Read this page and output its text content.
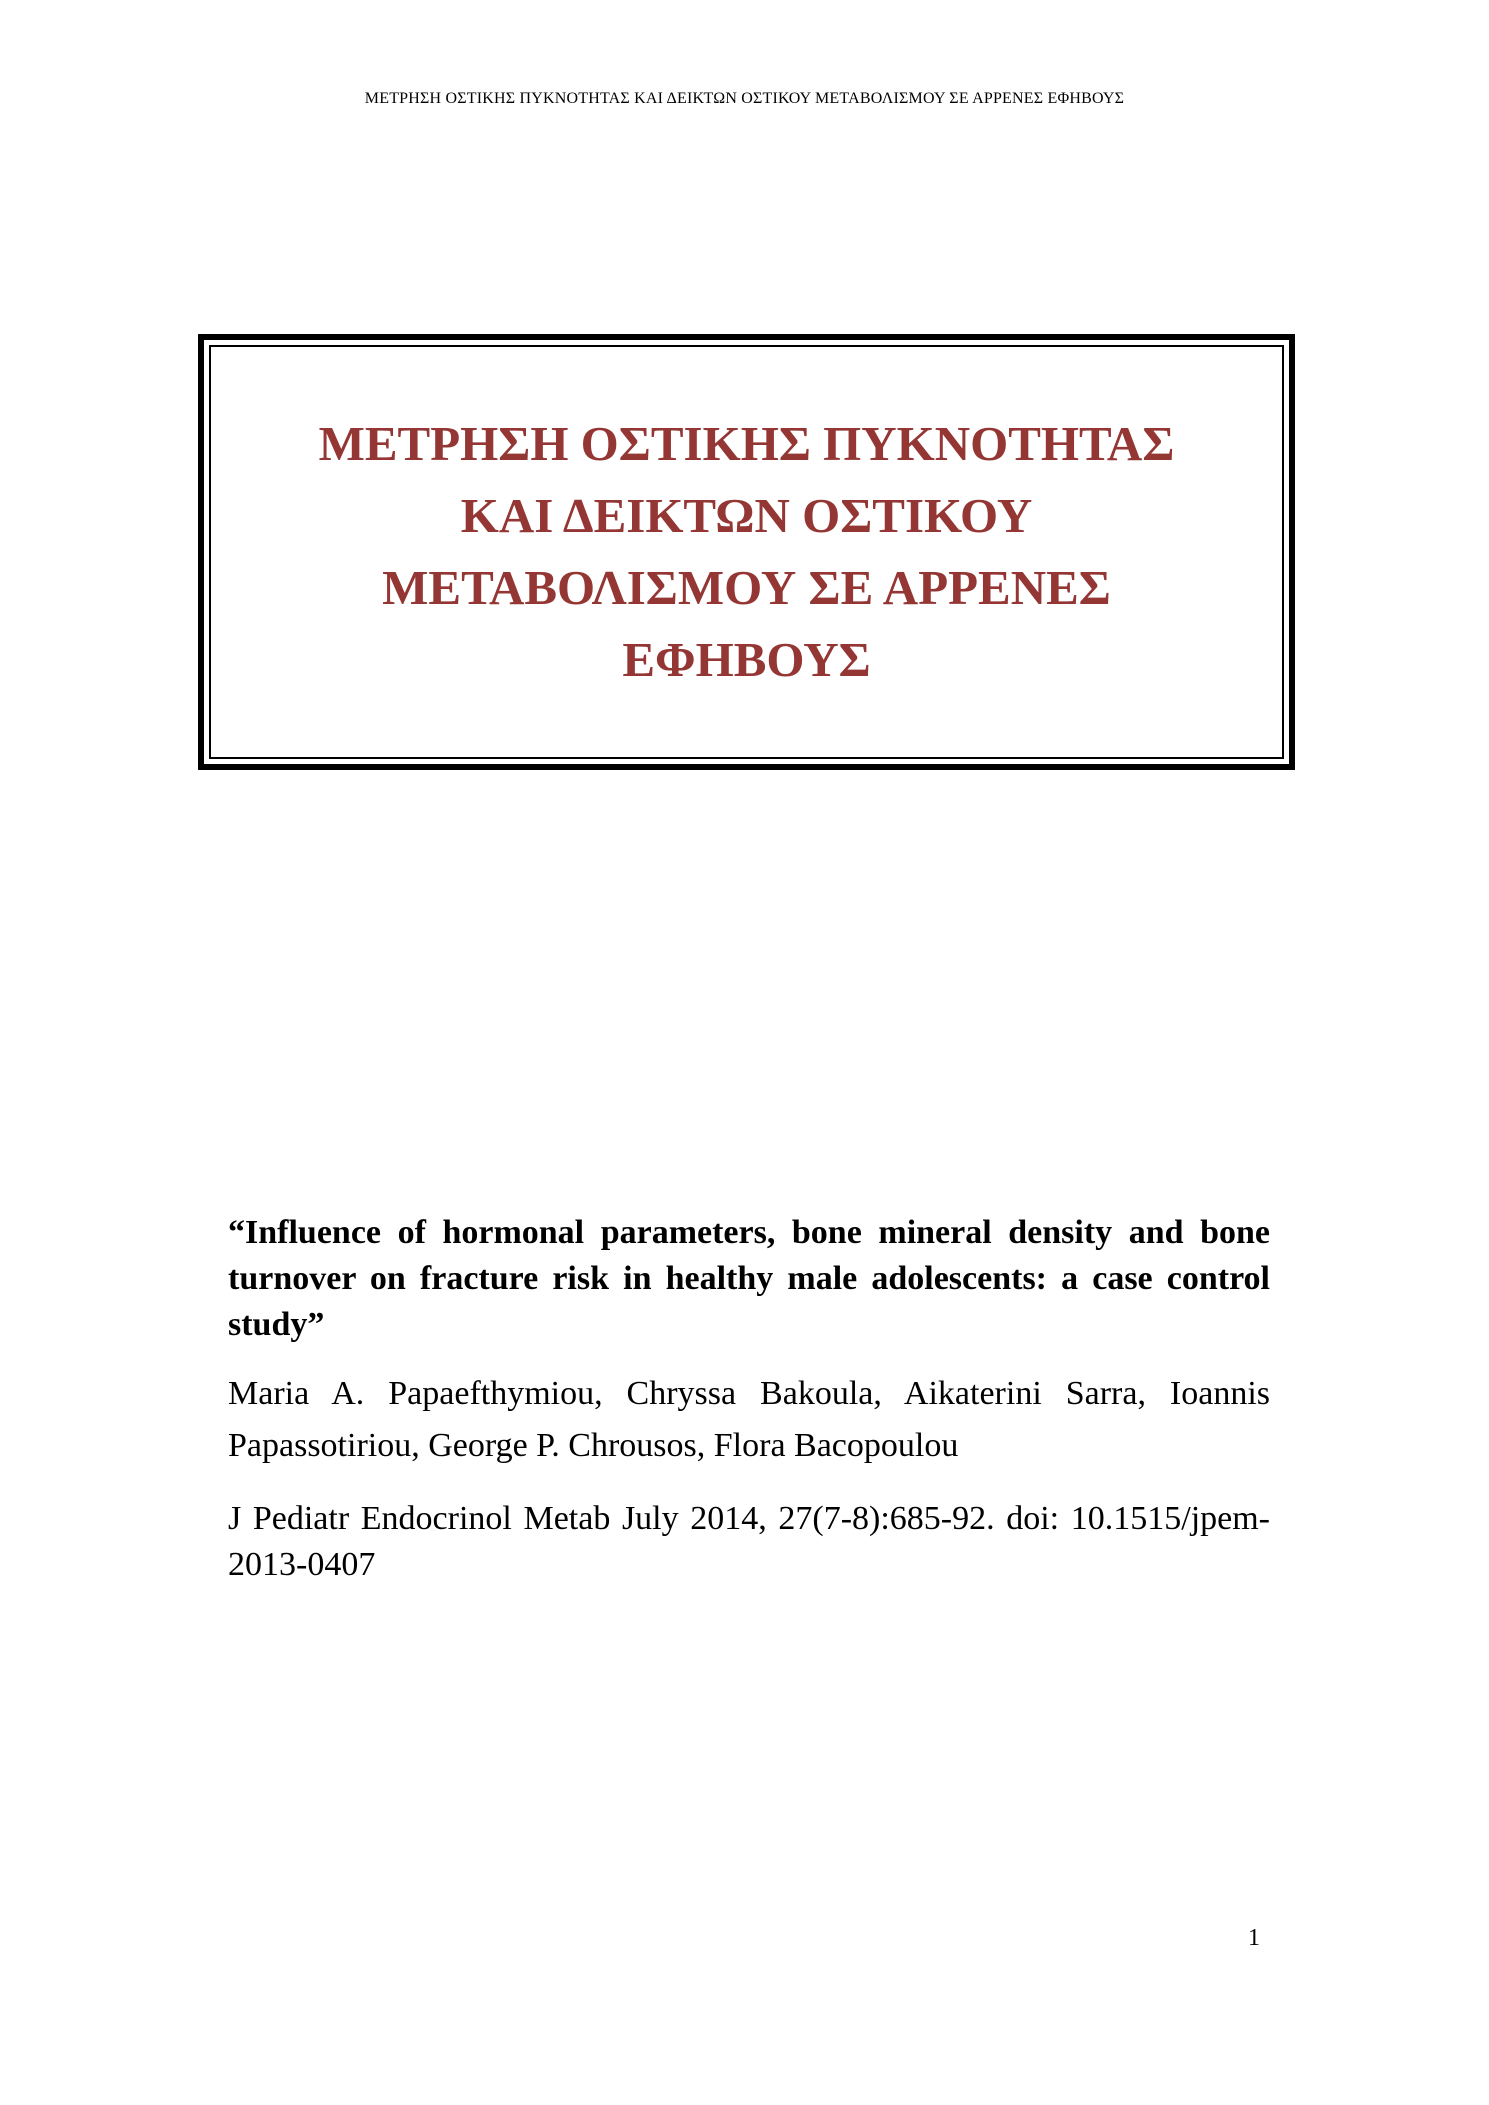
ΜΕΤΡΗΣΗ ΟΣΤΙΚΗΣ ΠΥΚΝΟΤΗΤΑΣ ΚΑΙ ΔΕΙΚΤΩΝ ΟΣΤΙΚΟΥ ΜΕΤΑΒΟΛΙΣΜΟΥ ΣΕ ΑΡΡΕΝΕΣ ΕΦΗΒΟΥΣ
ΜΕΤΡΗΣΗ ΟΣΤΙΚΗΣ ΠΥΚΝΟΤΗΤΑΣ
ΚΑΙ ΔΕΙΚΤΩΝ ΟΣΤΙΚΟΥ
ΜΕΤΑΒΟΛΙΣΜΟΥ ΣΕ ΑΡΡΕΝΕΣ
ΕΦΗΒΟΥΣ

“Influence of hormonal parameters, bone mineral density and bone turnover on fracture risk in healthy male adolescents: a case control study”

Maria A. Papaefthymiou, Chryssa Bakoula, Aikaterini Sarra, Ioannis Papassotiriou, George P. Chrousos, Flora Bacopoulou

J Pediatr Endocrinol Metab July 2014, 27(7-8):685-92. doi: 10.1515/jpem-2013-0407

1
